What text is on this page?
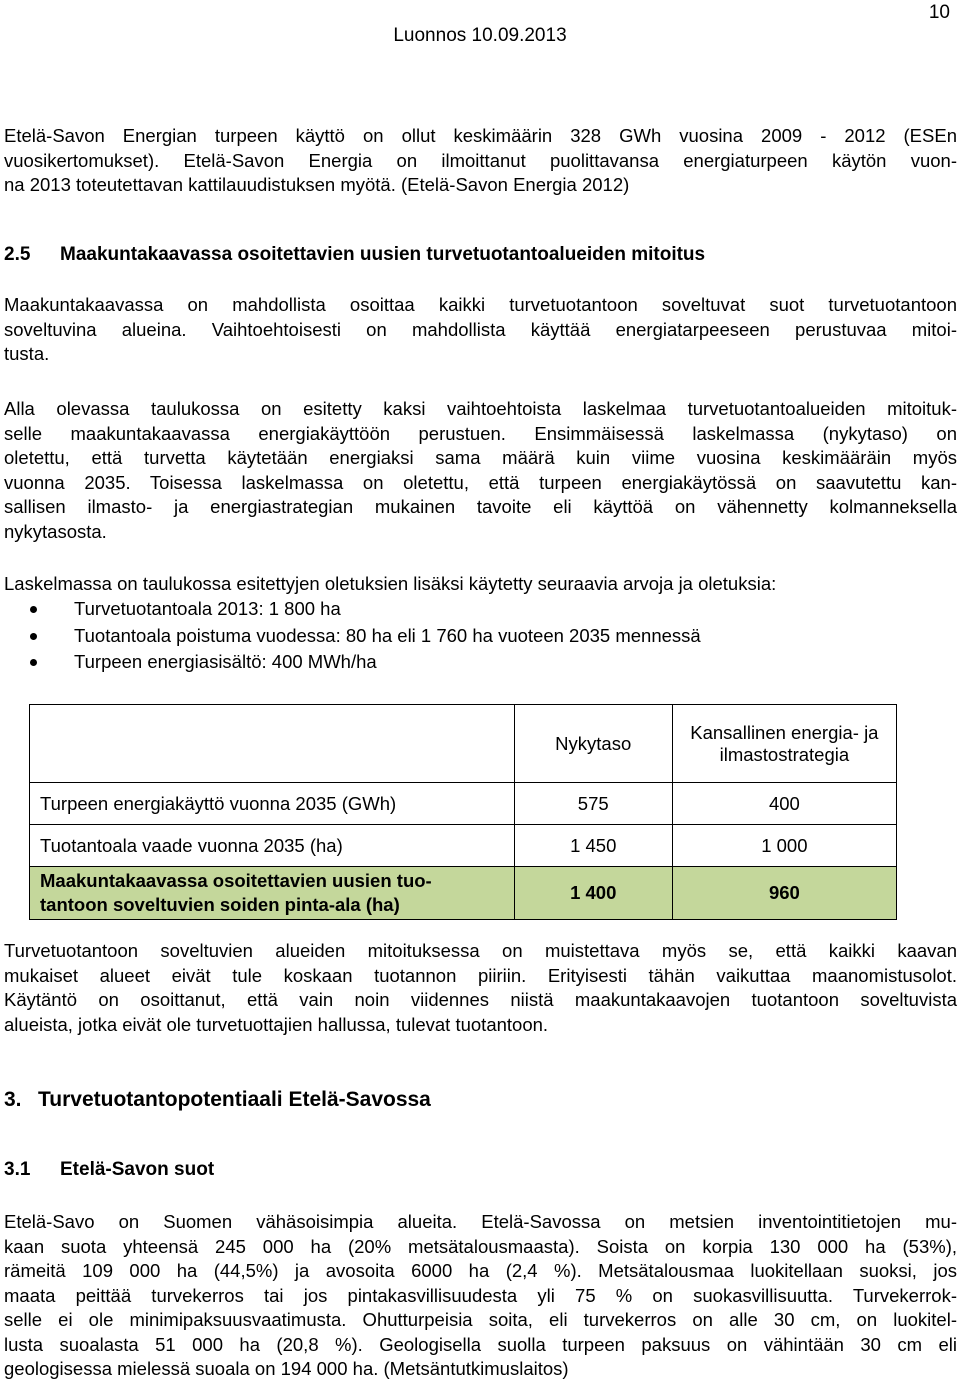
10
Luonnos 10.09.2013
Etelä-Savon Energian turpeen käyttö on ollut keskimäärin 328 GWh vuosina 2009 - 2012 (ESEn
vuosikertomukset). Etelä-Savon Energia on ilmoittanut puolittavansa energiaturpeen käytön vuon-
na 2013 toteutettavan kattilauudistuksen myötä. (Etelä-Savon Energia 2012)
2.5 Maakuntakaavassa osoitettavien uusien turvetuotantoalueiden mitoitus
Maakuntakaavassa on mahdollista osoittaa kaikki turvetuotantoon soveltuvat suot turvetuotantoon
soveltuvina alueina. Vaihtoehtoisesti on mahdollista käyttää energiatarpeeseen perustuvaa mitoi-
tusta.
Alla olevassa taulukossa on esitetty kaksi vaihtoehtoista laskelmaa turvetuotantoalueiden mitoituk-
selle maakuntakaavassa energiakäyttöön perustuen. Ensimmäisessä laskelmassa (nykytaso) on
oletettu, että turvetta käytetään energiaksi sama määrä kuin viime vuosina keskimääräin myös
vuonna 2035. Toisessa laskelmassa on oletettu, että turpeen energiakäytössä on saavutettu kan-
sallisen ilmasto- ja energiastrategian mukainen tavoite eli käyttöä on vähennetty kolmanneksella
nykytasosta.
Laskelmassa on taulukossa esitettyjen oletuksien lisäksi käytetty seuraavia arvoja ja oletuksia:
Turvetuotantoala 2013: 1 800 ha
Tuotantoala poistuma vuodessa: 80 ha eli 1 760 ha vuoteen 2035 mennessä
Turpeen energiasisältö: 400 MWh/ha
	Nykytaso	Kansallinen energia- ja
ilmastostrategia

Turpeen energiakäyttö vuonna 2035 (GWh)	575	400
Tuotantoala vaade vuonna 2035 (ha)	1 450	1 000

Maakuntakaavassa osoitettavien uusien tuo-
tantoon soveltuvien soiden pinta-ala (ha)	1 400	960
Turvetuotantoon soveltuvien alueiden mitoituksessa on muistettava myös se, että kaikki kaavan
mukaiset alueet eivät tule koskaan tuotannon piiriin. Erityisesti tähän vaikuttaa maanomistusolot.
Käytäntö on osoittanut, että vain noin viidennes niistä maakuntakaavojen tuotantoon soveltuvista
alueista, jotka eivät ole turvetuottajien hallussa, tulevat tuotantoon.
3. Turvetuotantopotentiaali Etelä-Savossa
3.1 Etelä-Savon suot
Etelä-Savo on Suomen vähäsoisimpia alueita. Etelä-Savossa on metsien inventointitietojen mu-
kaan suota yhteensä 245 000 ha (20% metsätalousmaasta). Soista on korpia 130 000 ha (53%),
rämeitä 109 000 ha (44,5%) ja avosoita 6000 ha (2,4 %). Metsätalousmaa luokitellaan suoksi, jos
maata peittää turvekerros tai jos pintakasvillisuudesta yli 75 % on suokasvillisuutta. Turvekerrok-
selle ei ole minimipaksuusvaatimusta. Ohutturpeisia soita, eli turvekerros on alle 30 cm, on luokitel-
lusta suoalasta 51 000 ha (20,8 %). Geologisella suolla turpeen paksuus on vähintään 30 cm eli
geologisessa mielessä suoala on 194 000 ha. (Metsäntutkimuslaitos)
